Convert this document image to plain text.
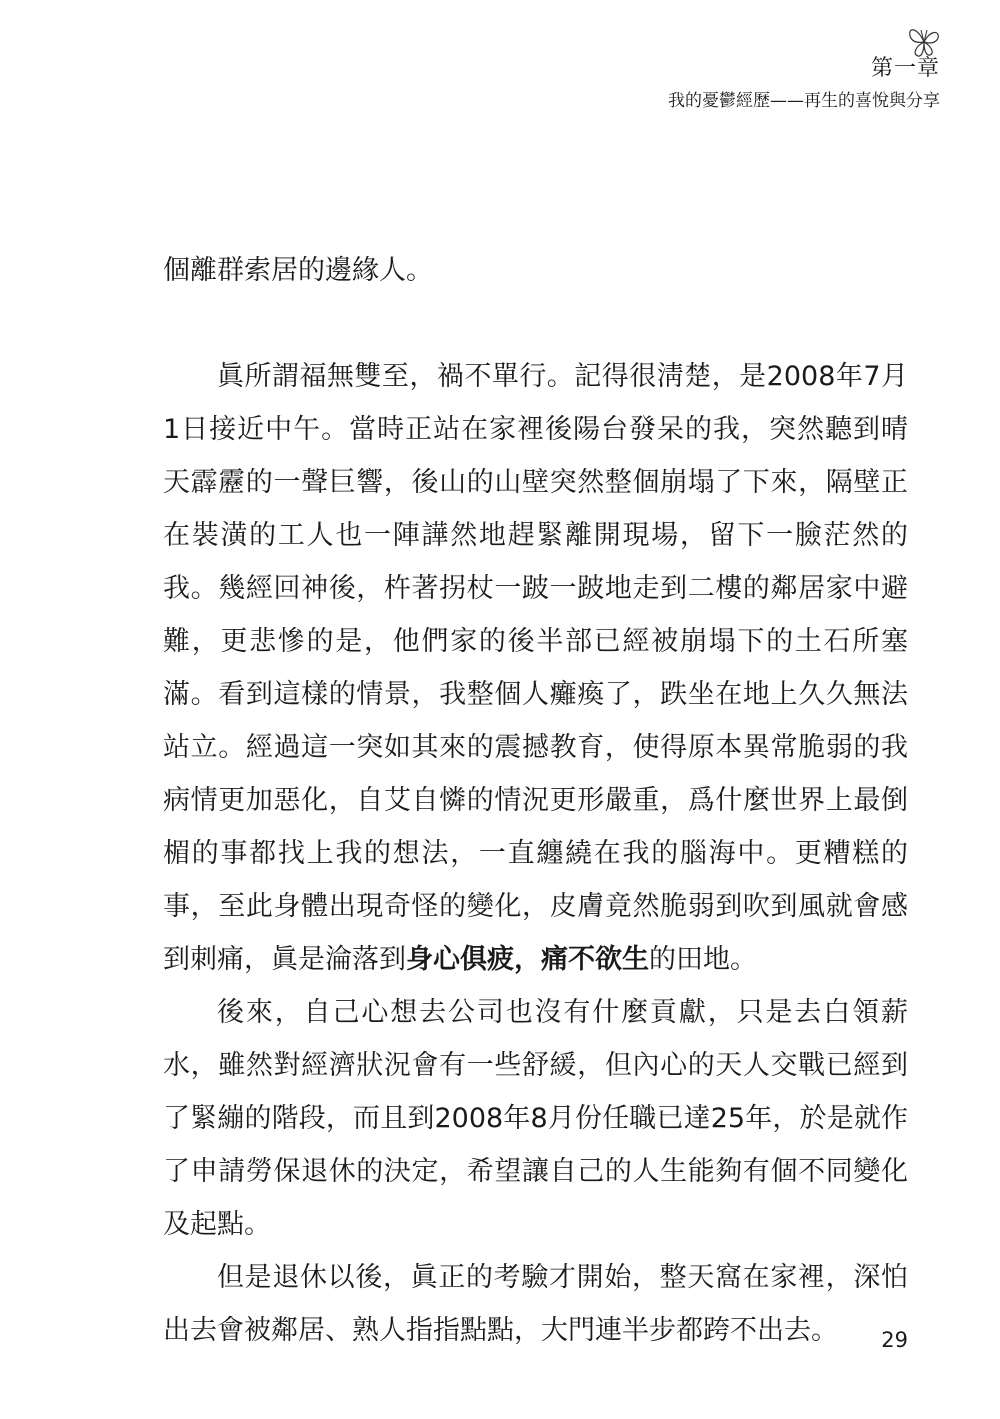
第一章
我的憂鬱經歷——再生的喜悅與分享

個離群索居的邊緣人。

眞所謂福無雙至，禍不單行。記得很淸楚，是2008年7月1日接近中午。當時正站在家裡後陽台發呆的我，突然聽到晴天霹靂的一聲巨響，後山的山壁突然整個崩塌了下來，隔壁正在裝潢的工人也一陣譁然地趕緊離開現場，留下一臉茫然的我。幾經回神後，杵著拐杖一跛一跛地走到二樓的鄰居家中避難，更悲慘的是，他們家的後半部已經被崩塌下的土石所塞滿。看到這樣的情景，我整個人癱瘓了，跌坐在地上久久無法站立。經過這一突如其來的震撼教育，使得原本異常脆弱的我病情更加惡化，自艾自憐的情況更形嚴重，爲什麼世界上最倒楣的事都找上我的想法，一直纏繞在我的腦海中。更糟糕的事，至此身體出現奇怪的變化，皮膚竟然脆弱到吹到風就會感到刺痛，眞是淪落到身心俱疲，痛不欲生的田地。

後來，自己心想去公司也沒有什麼貢獻，只是去白領薪水，雖然對經濟狀況會有一些舒緩，但內心的天人交戰已經到了緊繃的階段，而且到2008年8月份任職已達25年，於是就作了申請勞保退休的決定，希望讓自己的人生能夠有個不同變化及起點。

但是退休以後，眞正的考驗才開始，整天窩在家裡，深怕出去會被鄰居、熟人指指點點，大門連半步都跨不出去。	29
